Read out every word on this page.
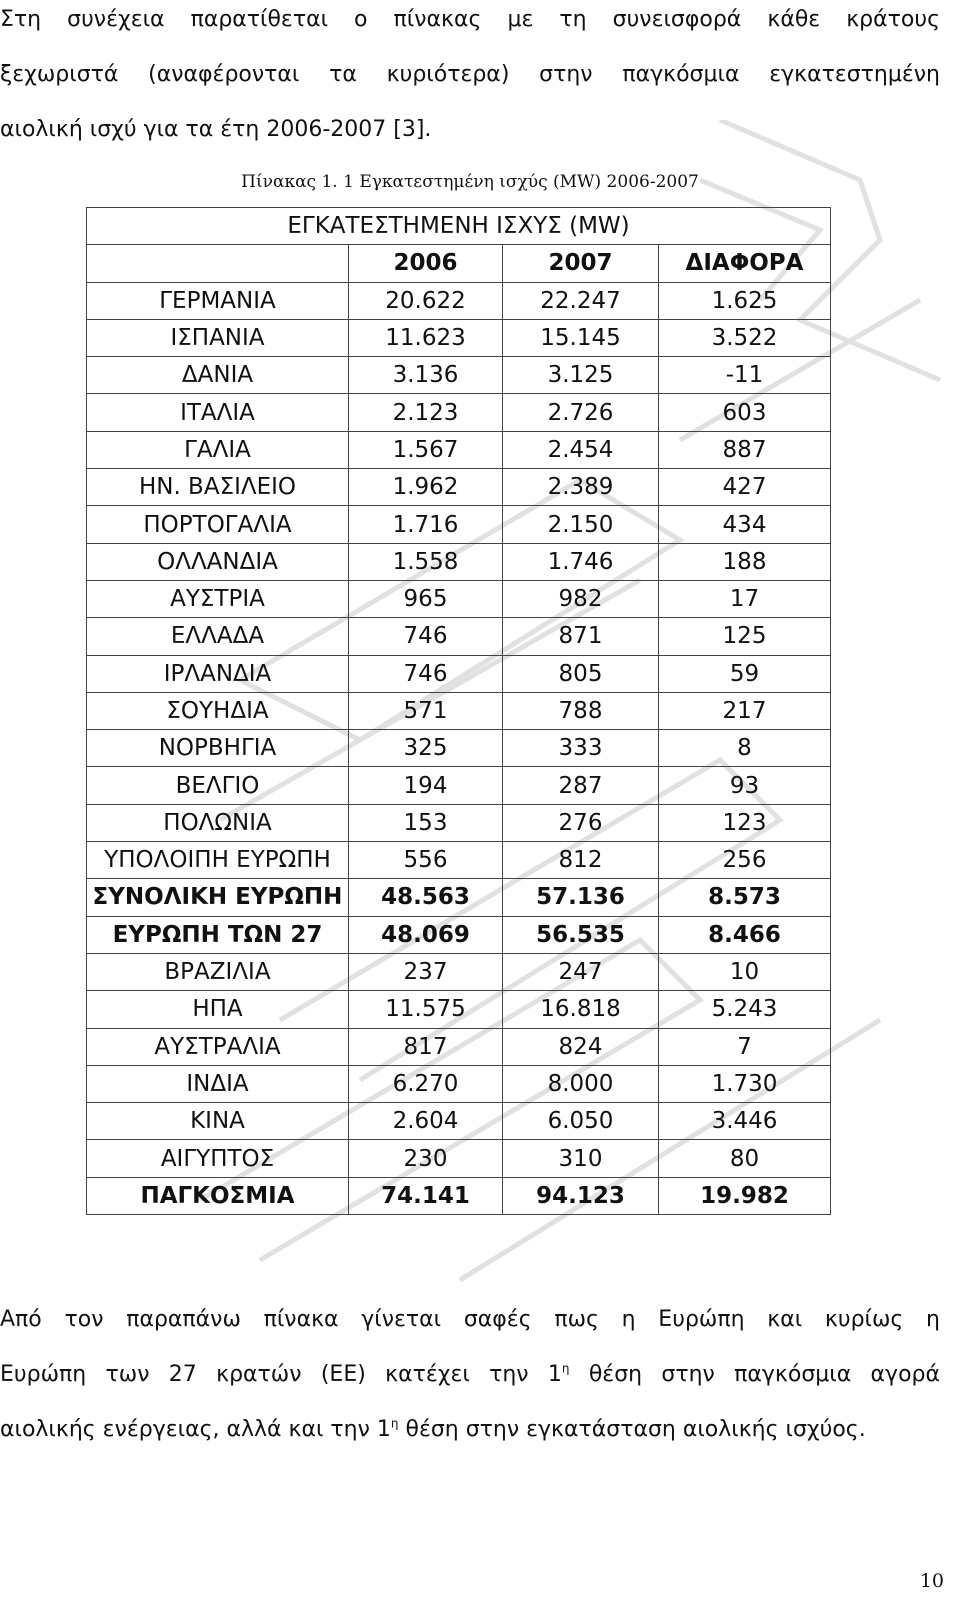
Στη συνέχεια παρατίθεται ο πίνακας με τη συνεισφορά κάθε κράτους
ξεχωριστά (αναφέρονται τα κυριότερα) στην παγκόσμια εγκατεστημένη
αιολική ισχύ για τα έτη 2006-2007 [3].
Πίνακας 1. 1 Εγκατεστημένη ισχύς (MW) 2006-2007
ΕΓΚΑΤΕΣΤΗΜΕΝΗ ΙΣΧΥΣ (MW)			
	2006	2007	ΔΙΑΦΟΡΑ
ΓΕΡΜΑΝΙΑ	20.622	22.247	1.625
ΙΣΠΑΝΙΑ	11.623	15.145	3.522
ΔΑΝΙΑ	3.136	3.125	-11
ΙΤΑΛΙΑ	2.123	2.726	603
ΓΑΛΙΑ	1.567	2.454	887
ΗΝ. ΒΑΣΙΛΕΙΟ	1.962	2.389	427
ΠΟΡΤΟΓΑΛΙΑ	1.716	2.150	434
ΟΛΛΑΝΔΙΑ	1.558	1.746	188
ΑΥΣΤΡΙΑ	965	982	17
ΕΛΛΑΔΑ	746	871	125
ΙΡΛΑΝΔΙΑ	746	805	59
ΣΟΥΗΔΙΑ	571	788	217
ΝΟΡΒΗΓΙΑ	325	333	8
ΒΕΛΓΙΟ	194	287	93
ΠΟΛΩΝΙΑ	153	276	123
ΥΠΟΛΟΙΠΗ ΕΥΡΩΠΗ	556	812	256
ΣΥΝΟΛΙΚΗ ΕΥΡΩΠΗ	48.563	57.136	8.573
ΕΥΡΩΠΗ ΤΩΝ 27	48.069	56.535	8.466
ΒΡΑΖΙΛΙΑ	237	247	10
ΗΠΑ	11.575	16.818	5.243
ΑΥΣΤΡΑΛΙΑ	817	824	7
ΙΝΔΙΑ	6.270	8.000	1.730
ΚΙΝΑ	2.604	6.050	3.446
ΑΙΓΥΠΤΟΣ	230	310	80
ΠΑΓΚΟΣΜΙΑ	74.141	94.123	19.982
Από τον παραπάνω πίνακα γίνεται σαφές πως η Ευρώπη και κυρίως η
Ευρώπη των 27 κρατών (ΕΕ) κατέχει την $1^\eta$ θέση στην παγκόσμια αγορά
αιολικής ενέργειας, αλλά και την $1^\eta$ θέση στην εγκατάσταση αιολικής ισχύος.
10
